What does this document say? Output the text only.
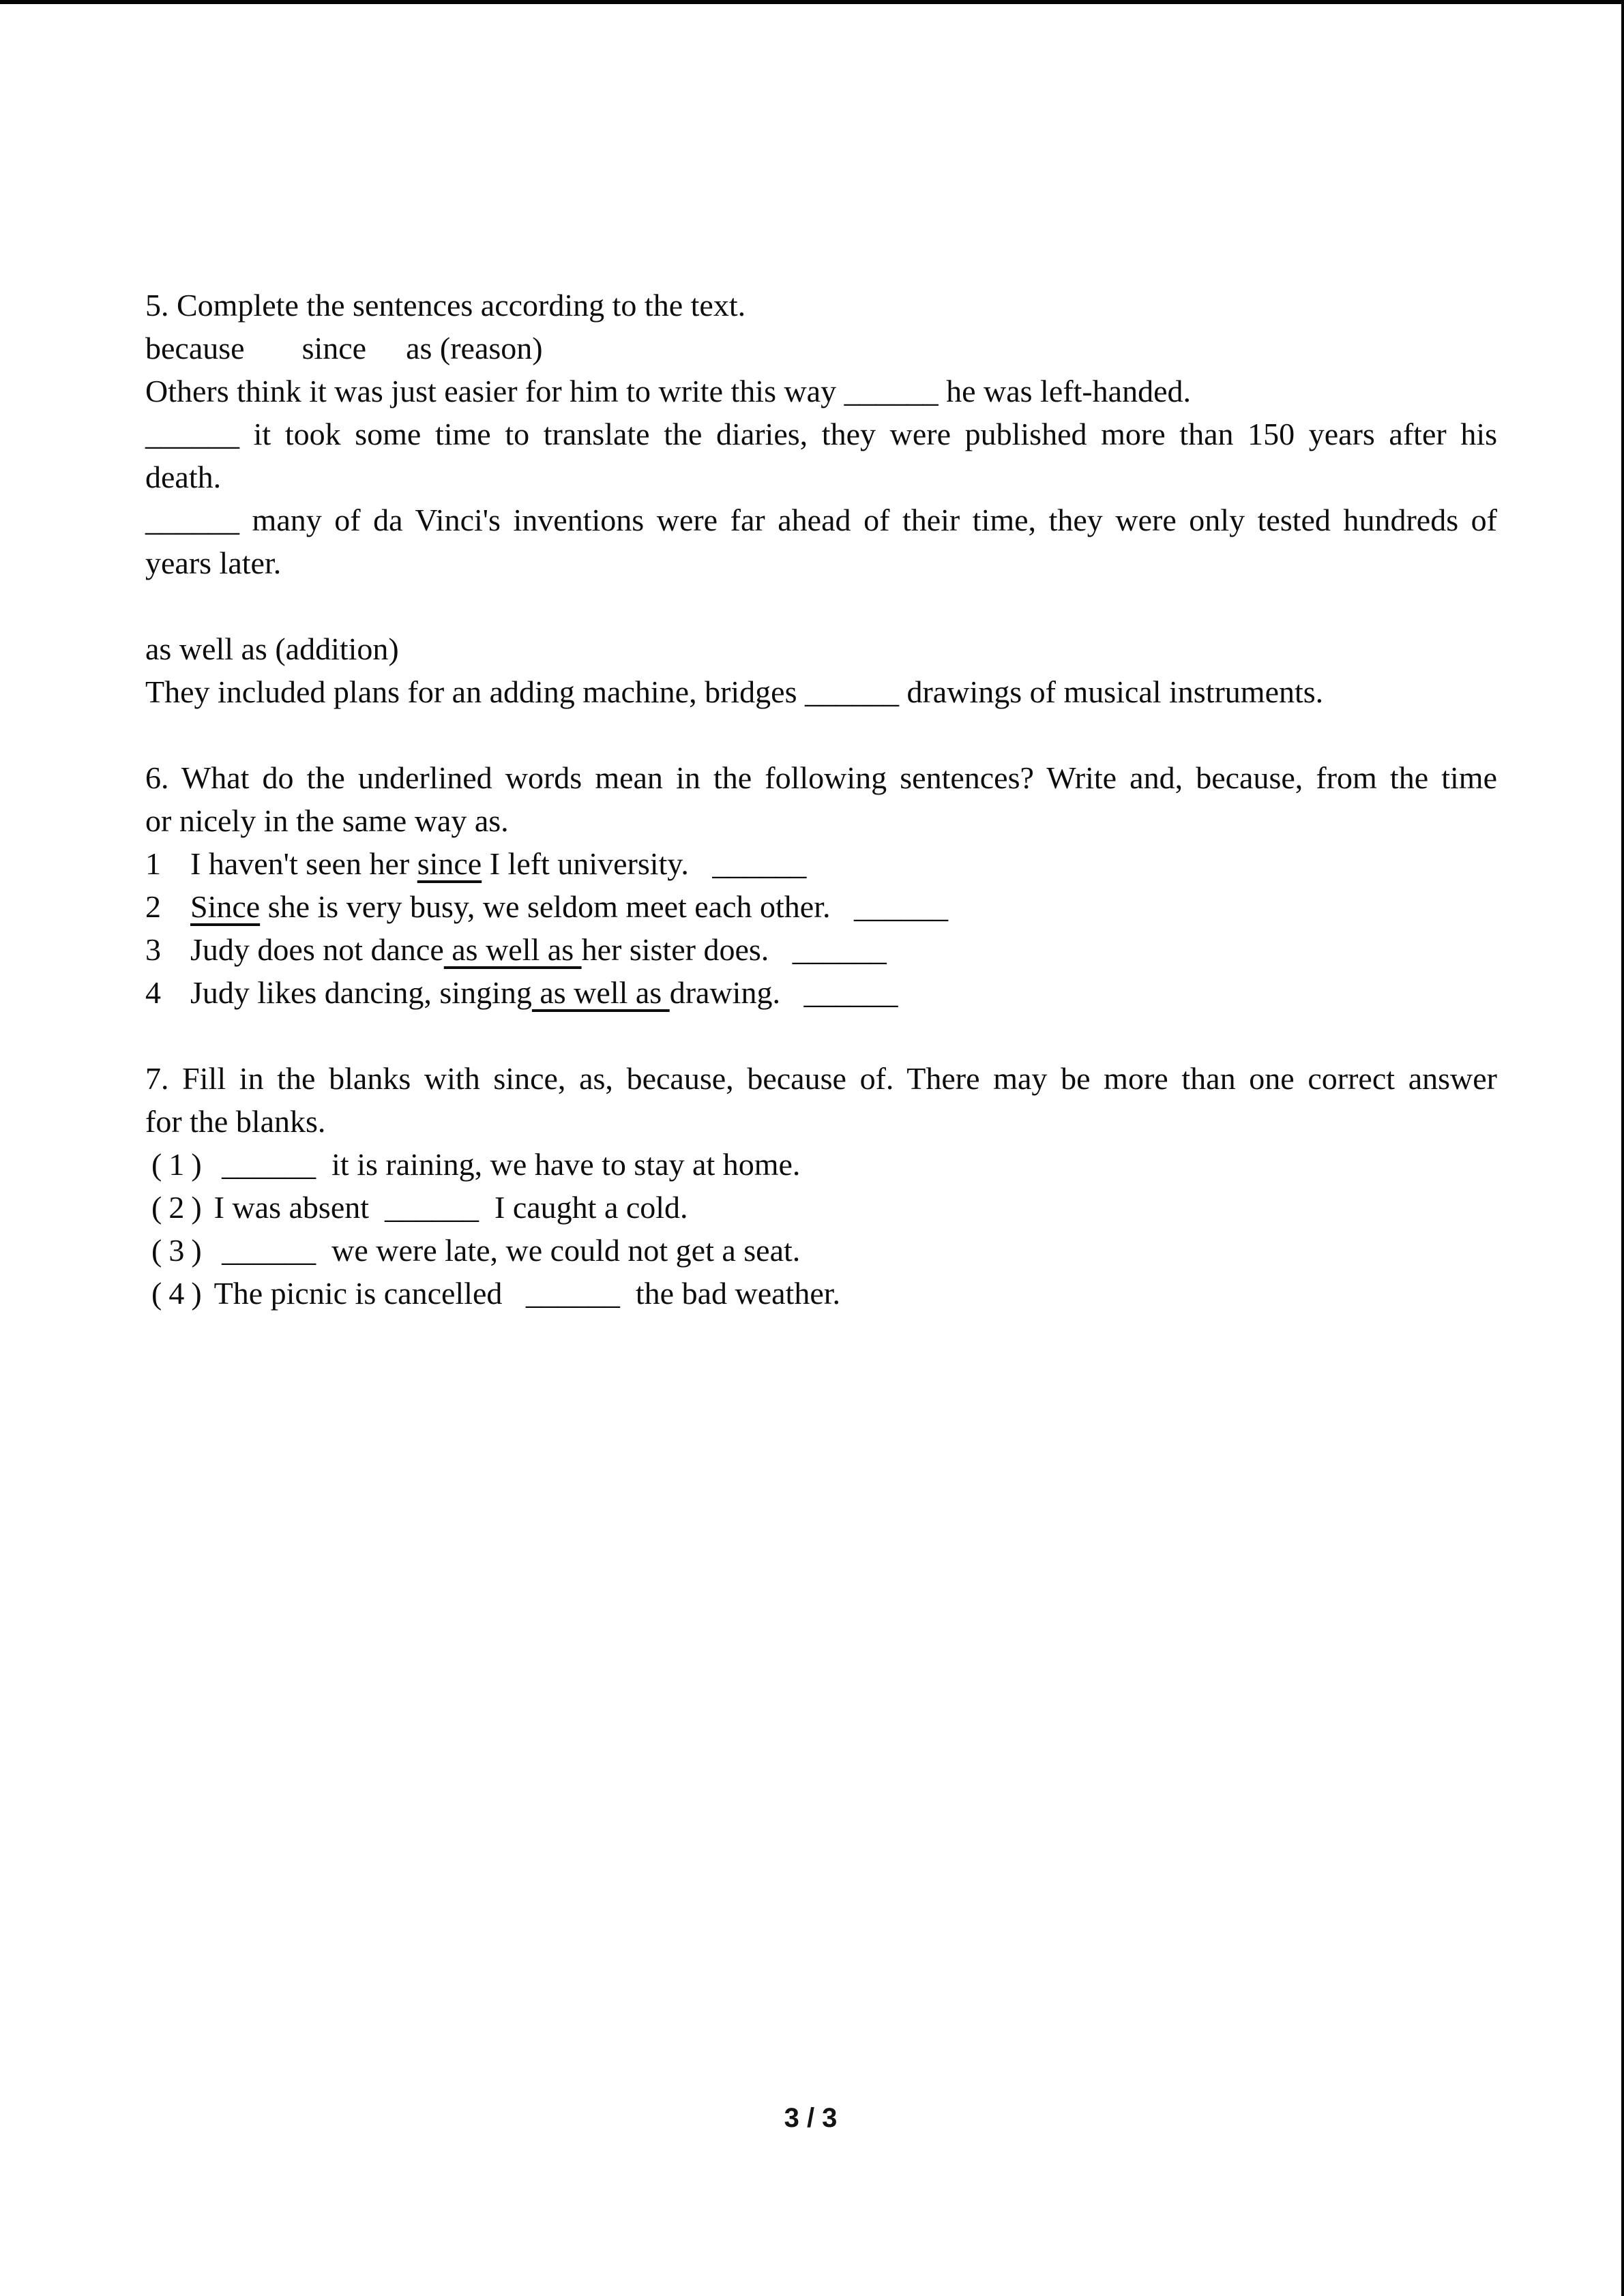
5. Complete the sentences according to the text.
because since as (reason)
Others think it was just easier for him to write this way ______ he was left-handed.
______ it took some time to translate the diaries, they were published more than 150 years after his
death.
______ many of da Vinci's inventions were far ahead of their time, they were only tested hundreds of
years later.
as well as (addition)
They included plans for an adding machine, bridges ______ drawings of musical instruments.
6. What do the underlined words mean in the following sentences? Write and, because, from the time
or nicely in the same way as.
1 I haven't seen her since I left university.   ______
2 Since she is very busy, we seldom meet each other.   ______
3 Judy does not dance as well as her sister does.   ______
4 Judy likes dancing, singing as well as drawing.   ______
7. Fill in the blanks with since, as, because, because of. There may be more than one correct answer
for the blanks.
(1) ______  it is raining, we have to stay at home.
(2) I was absent  ______  I caught a cold.
(3) ______  we were late, we could not get a seat.
(4) The picnic is cancelled   ______  the bad weather.
3 / 3
